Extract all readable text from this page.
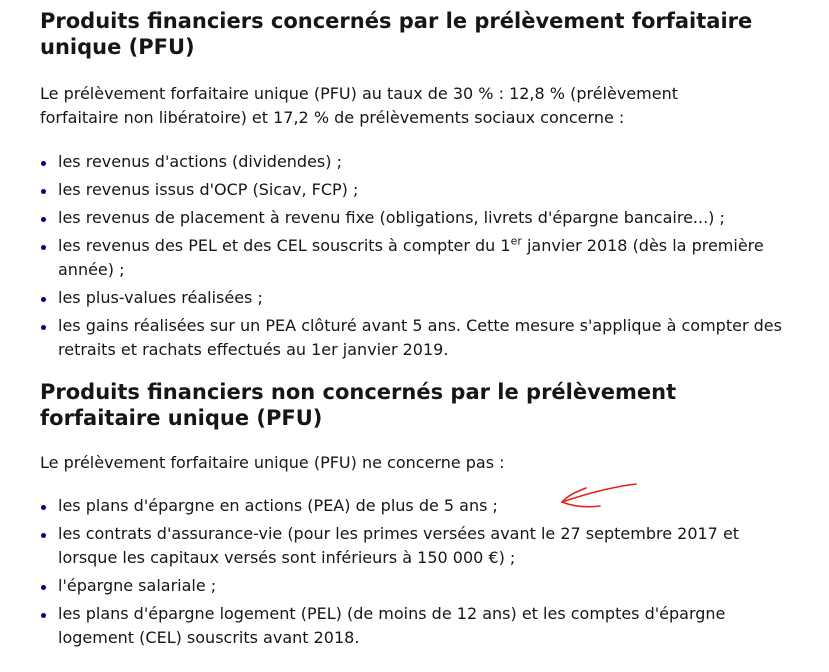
Produits financiers concernés par le prélèvement forfaitaire unique (PFU)

Le prélèvement forfaitaire unique (PFU) au taux de 30 % : 12,8 % (prélèvement forfaitaire non libératoire) et 17,2 % de prélèvements sociaux concerne :

les revenus d'actions (dividendes) ;
les revenus issus d'OCP (Sicav, FCP) ;
les revenus de placement à revenu fixe (obligations, livrets d'épargne bancaire...) ;
les revenus des PEL et des CEL souscrits à compter du 1er janvier 2018 (dès la première année) ;
les plus-values réalisées ;
les gains réalisées sur un PEA clôturé avant 5 ans. Cette mesure s'applique à compter des retraits et rachats effectués au 1er janvier 2019.
Produits financiers non concernés par le prélèvement forfaitaire unique (PFU)

Le prélèvement forfaitaire unique (PFU) ne concerne pas :

les plans d'épargne en actions (PEA) de plus de 5 ans ;
les contrats d'assurance-vie (pour les primes versées avant le 27 septembre 2017 et lorsque les capitaux versés sont inférieurs à 150 000 €) ;
l'épargne salariale ;
les plans d'épargne logement (PEL) (de moins de 12 ans) et les comptes d'épargne logement (CEL) souscrits avant 2018.
